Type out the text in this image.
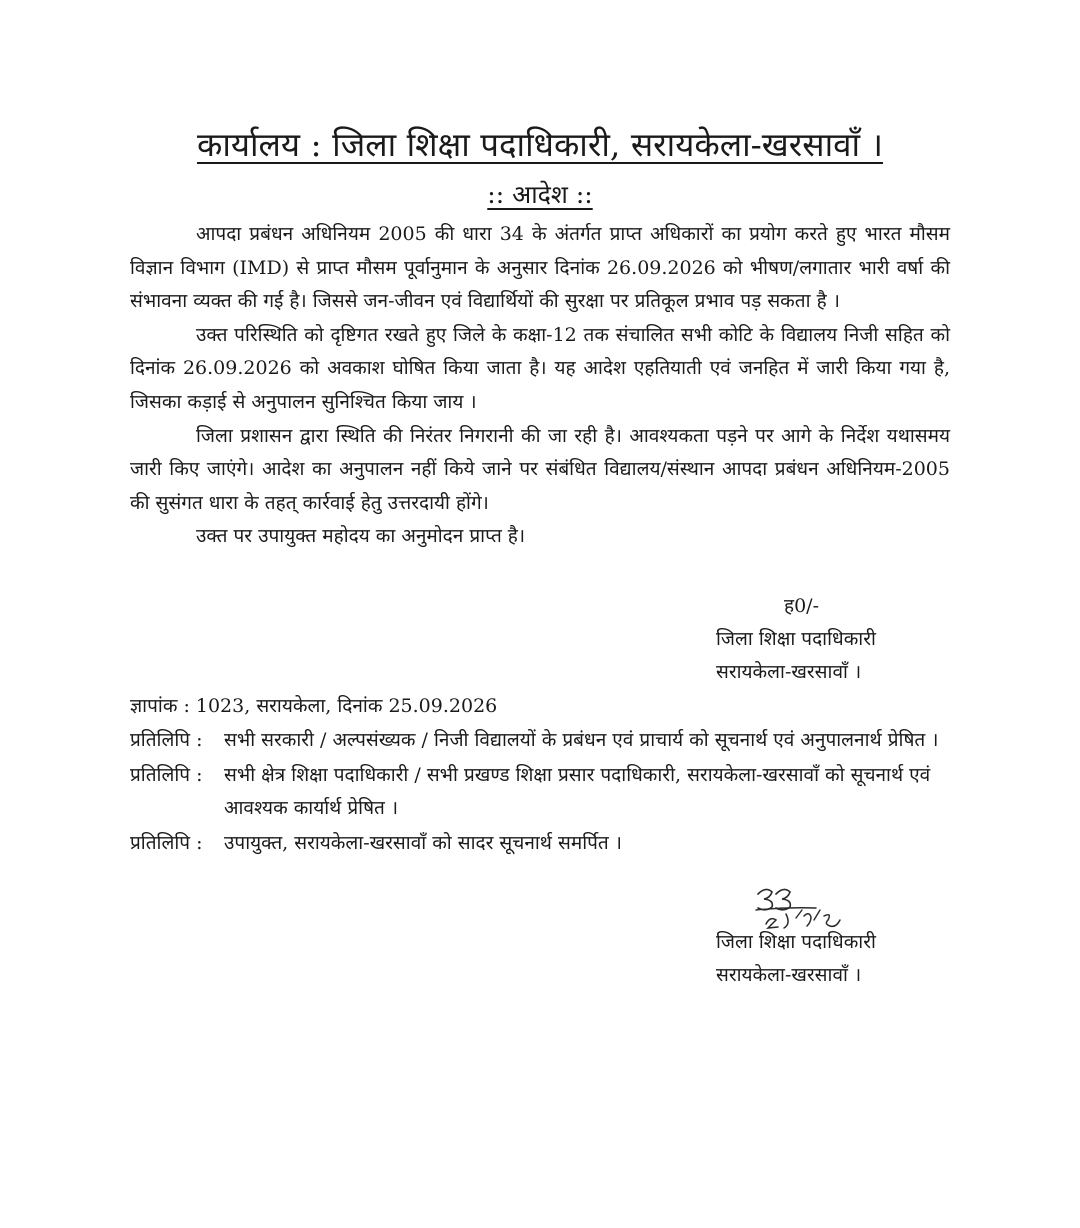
कार्यालय : जिला शिक्षा पदाधिकारी, सरायकेला-खरसावाँ ।
:: आदेश ::

आपदा प्रबंधन अधिनियम 2005 की धारा 34 के अंतर्गत प्राप्त अधिकारों का प्रयोग करते हुए भारत मौसम विज्ञान विभाग (IMD) से प्राप्त मौसम पूर्वानुमान के अनुसार दिनांक 26.09.2026 को भीषण/लगातार भारी वर्षा की संभावना व्यक्त की गई है। जिससे जन-जीवन एवं विद्यार्थियों की सुरक्षा पर प्रतिकूल प्रभाव पड़ सकता है ।

उक्त परिस्थिति को दृष्टिगत रखते हुए जिले के कक्षा-12 तक संचालित सभी कोटि के विद्यालय निजी सहित को दिनांक 26.09.2026 को अवकाश घोषित किया जाता है। यह आदेश एहतियाती एवं जनहित में जारी किया गया है, जिसका कड़ाई से अनुपालन सुनिश्चित किया जाय ।

जिला प्रशासन द्वारा स्थिति की निरंतर निगरानी की जा रही है। आवश्यकता पड़ने पर आगे के निर्देश यथासमय जारी किए जाएंगे। आदेश का अनुपालन नहीं किये जाने पर संबंधित विद्यालय/संस्थान आपदा प्रबंधन अधिनियम-2005 की सुसंगत धारा के तहत् कार्रवाई हेतु उत्तरदायी होंगे।

उक्त पर उपायुक्त महोदय का अनुमोदन प्राप्त है।

ह0/-
जिला शिक्षा पदाधिकारी
सरायकेला-खरसावाँ ।
ज्ञापांक : 1023, सरायकेला, दिनांक 25.09.2026
प्रतिलिपि :	सभी सरकारी / अल्पसंख्यक / निजी विद्यालयों के प्रबंधन एवं प्राचार्य को सूचनार्थ एवं अनुपालनार्थ प्रेषित ।
प्रतिलिपि :	सभी क्षेत्र शिक्षा पदाधिकारी / सभी प्रखण्ड शिक्षा प्रसार पदाधिकारी, सरायकेला-खरसावाँ को सूचनार्थ एवं आवश्यक कार्यार्थ प्रेषित ।
प्रतिलिपि :	उपायुक्त, सरायकेला-खरसावाँ को सादर सूचनार्थ समर्पित ।
जिला शिक्षा पदाधिकारी
सरायकेला-खरसावाँ ।
